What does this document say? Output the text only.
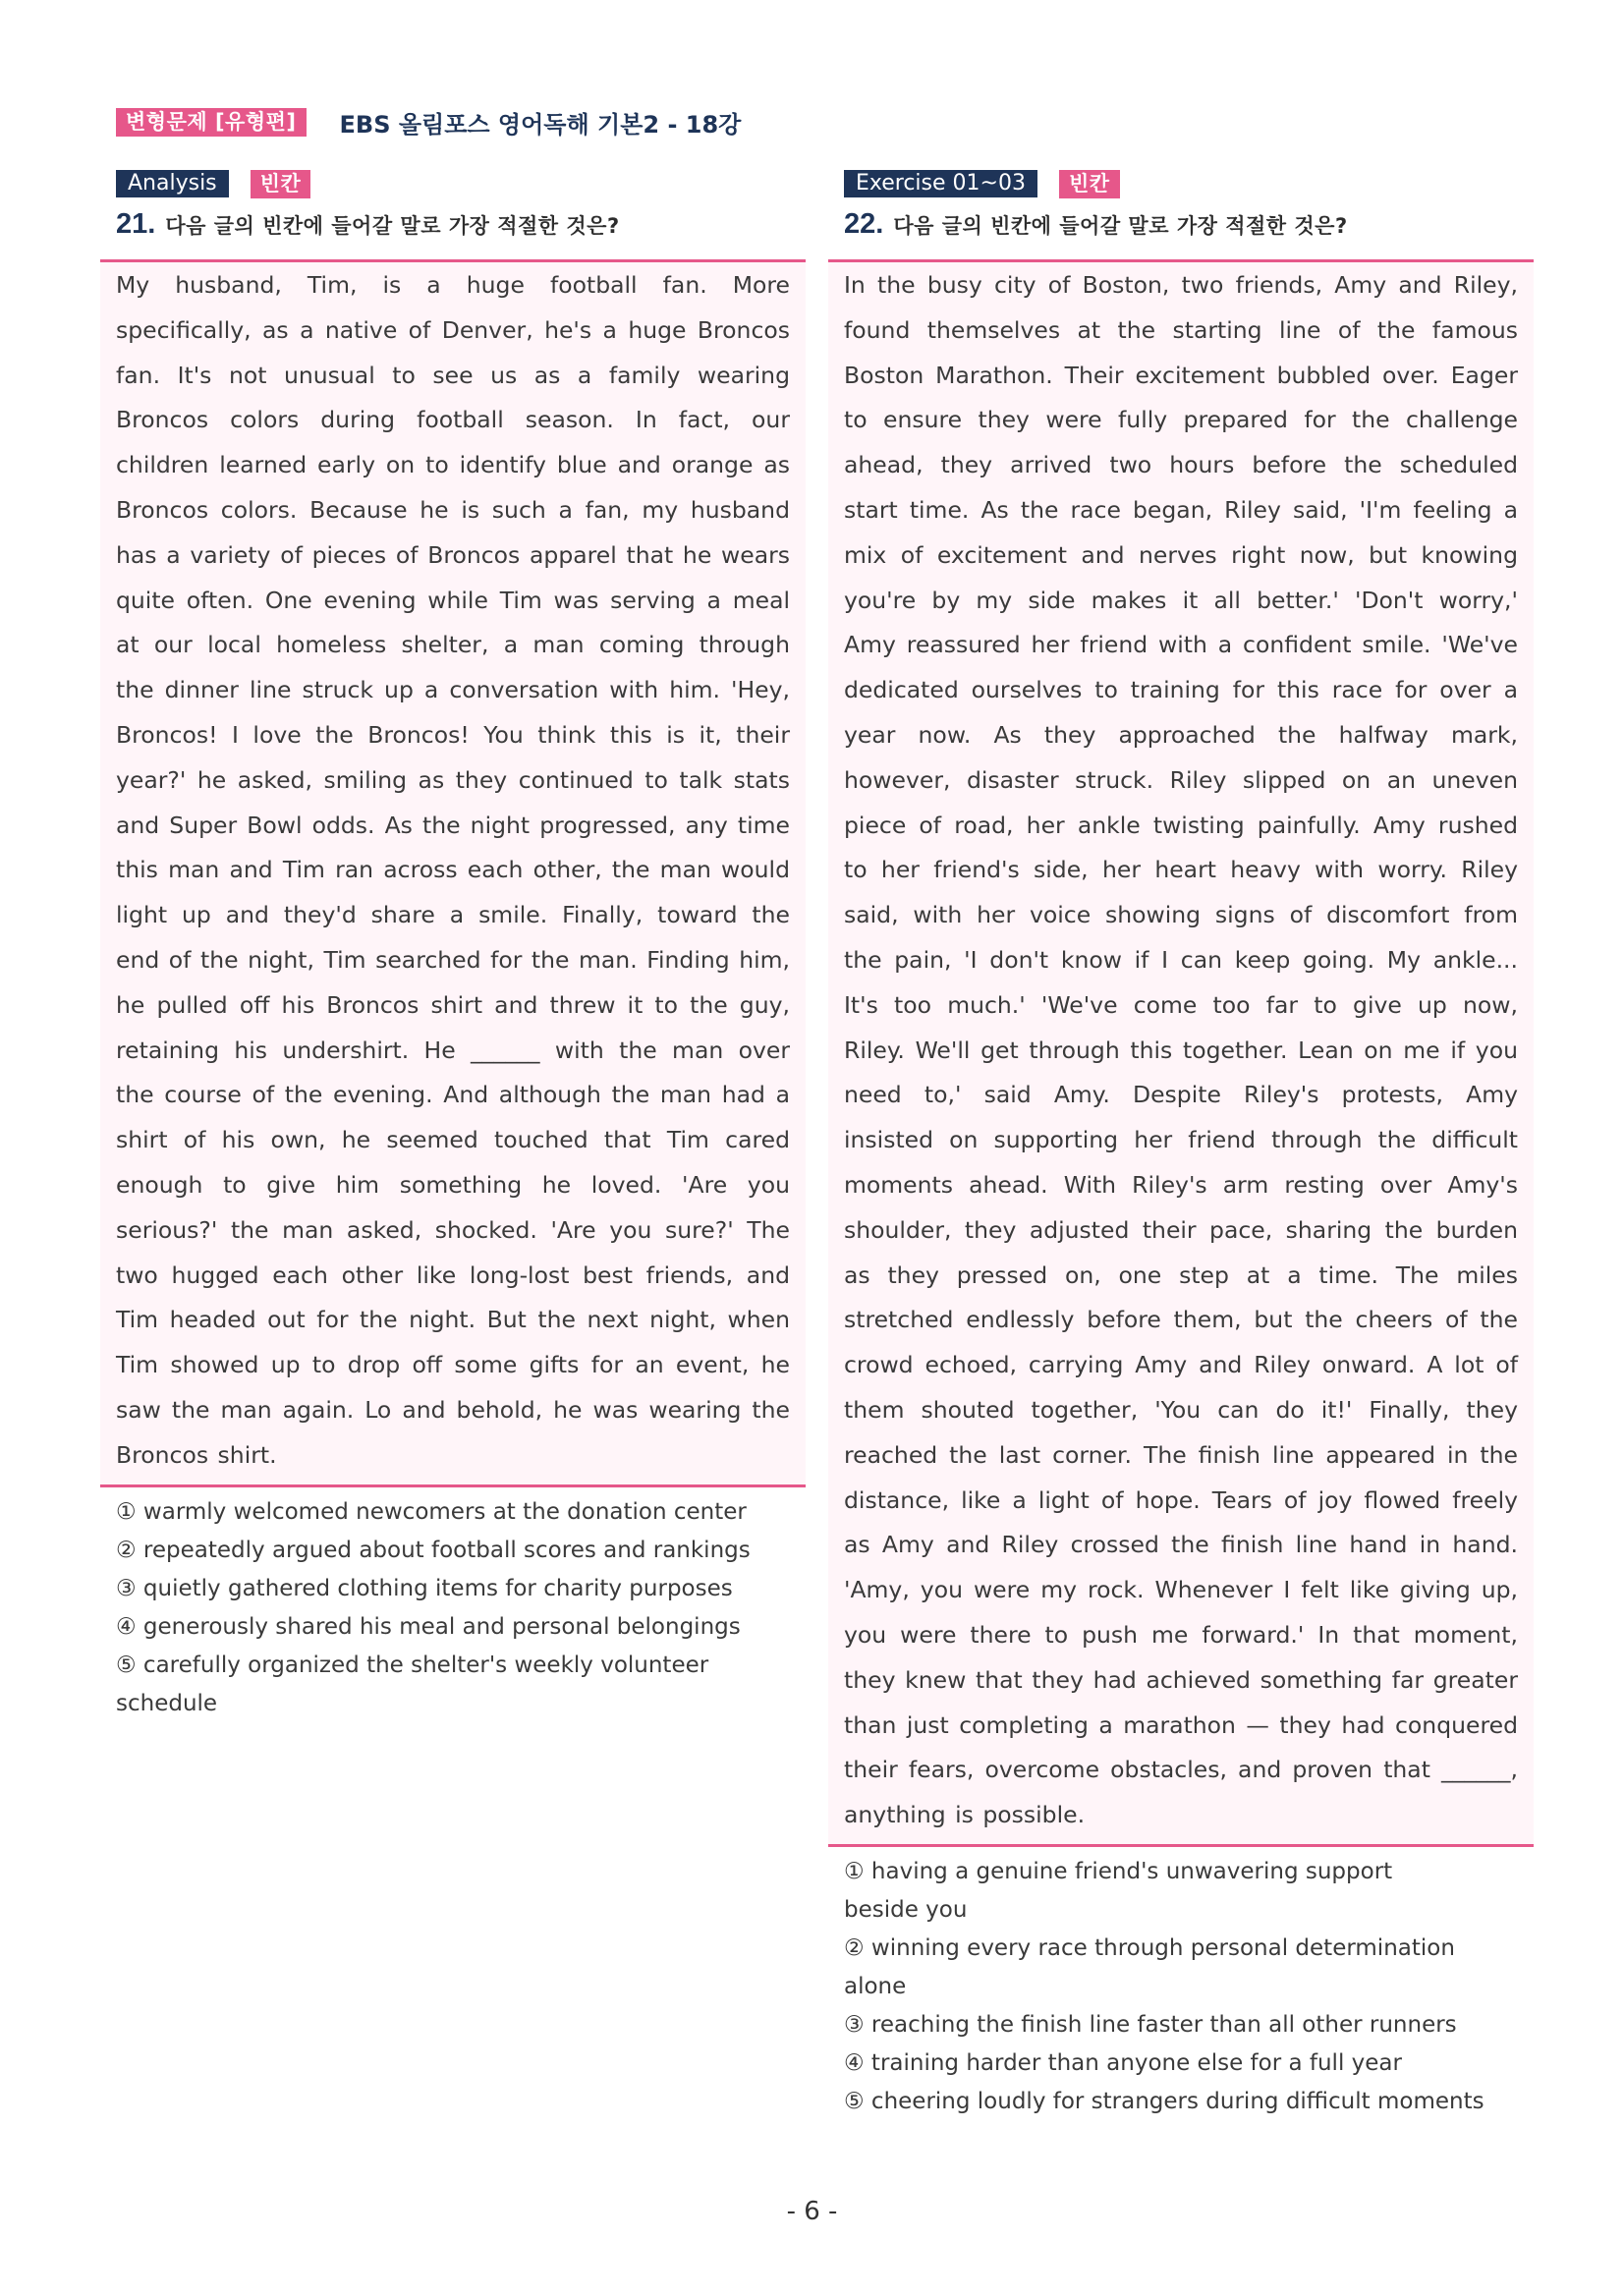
변형문제 [유형편]	EBS 올림포스 영어독해 기본2 - 18강
Analysis	빈칸
21. 다음 글의 빈칸에 들어갈 말로 가장 적절한 것은?

My husband, Tim, is a huge football fan. More specifically, as a native of Denver, he's a huge Broncos fan. It's not unusual to see us as a family wearing Broncos colors during football season. In fact, our children learned early on to identify blue and orange as Broncos colors. Because he is such a fan, my husband has a variety of pieces of Broncos apparel that he wears quite often. One evening while Tim was serving a meal at our local homeless shelter, a man coming through the dinner line struck up a conversation with him. 'Hey, Broncos! I love the Broncos! You think this is it, their year?' he asked, smiling as they continued to talk stats and Super Bowl odds. As the night progressed, any time this man and Tim ran across each other, the man would light up and they'd share a smile. Finally, toward the end of the night, Tim searched for the man. Finding him, he pulled off his Broncos shirt and threw it to the guy, retaining his undershirt. He ______ with the man over the course of the evening. And although the man had a shirt of his own, he seemed touched that Tim cared enough to give him something he loved. 'Are you serious?' the man asked, shocked. 'Are you sure?' The two hugged each other like long-lost best friends, and Tim headed out for the night. But the next night, when Tim showed up to drop off some gifts for an event, he saw the man again. Lo and behold, he was wearing the Broncos shirt.

① warmly welcomed newcomers at the donation center
② repeatedly argued about football scores and rankings
③ quietly gathered clothing items for charity purposes
④ generously shared his meal and personal belongings
⑤ carefully organized the shelter's weekly volunteer schedule
Exercise 01~03	빈칸
22. 다음 글의 빈칸에 들어갈 말로 가장 적절한 것은?

In the busy city of Boston, two friends, Amy and Riley, found themselves at the starting line of the famous Boston Marathon. Their excitement bubbled over. Eager to ensure they were fully prepared for the challenge ahead, they arrived two hours before the scheduled start time. As the race began, Riley said, 'I'm feeling a mix of excitement and nerves right now, but knowing you're by my side makes it all better.' 'Don't worry,' Amy reassured her friend with a confident smile. 'We've dedicated ourselves to training for this race for over a year now. As they approached the halfway mark, however, disaster struck. Riley slipped on an uneven piece of road, her ankle twisting painfully. Amy rushed to her friend's side, her heart heavy with worry. Riley said, with her voice showing signs of discomfort from the pain, 'I don't know if I can keep going. My ankle... It's too much.' 'We've come too far to give up now, Riley. We'll get through this together. Lean on me if you need to,' said Amy. Despite Riley's protests, Amy insisted on supporting her friend through the difficult moments ahead. With Riley's arm resting over Amy's shoulder, they adjusted their pace, sharing the burden as they pressed on, one step at a time. The miles stretched endlessly before them, but the cheers of the crowd echoed, carrying Amy and Riley onward. A lot of them shouted together, 'You can do it!' Finally, they reached the last corner. The finish line appeared in the distance, like a light of hope. Tears of joy flowed freely as Amy and Riley crossed the finish line hand in hand. 'Amy, you were my rock. Whenever I felt like giving up, you were there to push me forward.' In that moment, they knew that they had achieved something far greater than just completing a marathon — they had conquered their fears, overcome obstacles, and proven that ______, anything is possible.

① having a genuine friend's unwavering support beside you
② winning every race through personal determination alone
③ reaching the finish line faster than all other runners
④ training harder than anyone else for a full year
⑤ cheering loudly for strangers during difficult moments
- 6 -
